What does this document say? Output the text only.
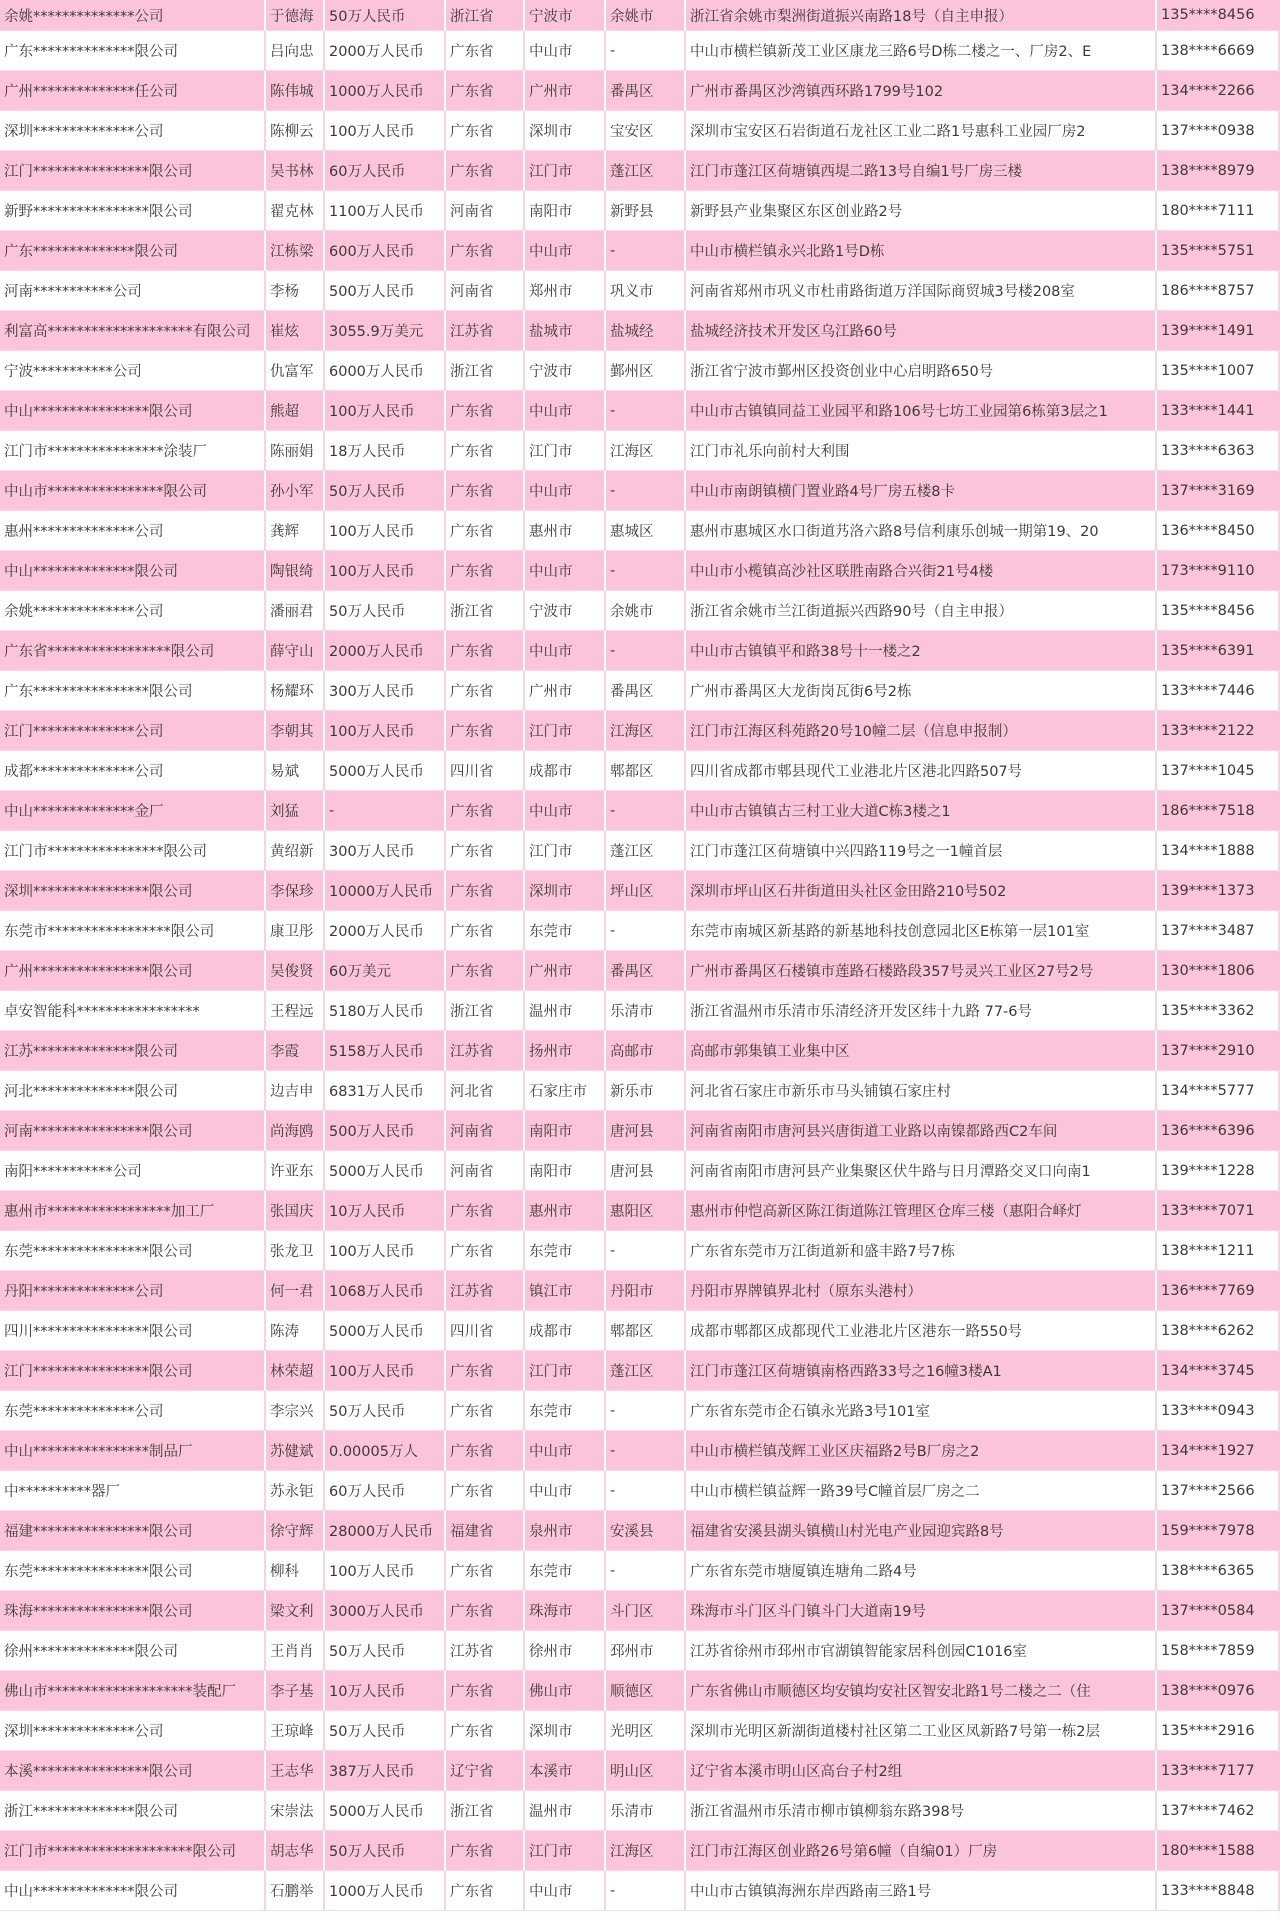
余姚**************公司	于德海	50万人民币	浙江省	宁波市	余姚市	浙江省余姚市梨洲街道振兴南路18号（自主申报）	135****8456
广东**************限公司	吕向忠	2000万人民币	广东省	中山市	-	中山市横栏镇新茂工业区康龙三路6号D栋二楼之一、厂房2、E	138****6669
广州**************任公司	陈伟城	1000万人民币	广东省	广州市	番禺区	广州市番禺区沙湾镇西环路1799号102	134****2266
深圳**************公司	陈柳云	100万人民币	广东省	深圳市	宝安区	深圳市宝安区石岩街道石龙社区工业二路1号惠科工业园厂房2	137****0938
江门****************限公司	吴书林	60万人民币	广东省	江门市	蓬江区	江门市蓬江区荷塘镇西堤二路13号自编1号厂房三楼	138****8979
新野****************限公司	翟克林	1100万人民币	河南省	南阳市	新野县	新野县产业集聚区东区创业路2号	180****7111
广东**************限公司	江栋梁	600万人民币	广东省	中山市	-	中山市横栏镇永兴北路1号D栋	135****5751
河南***********公司	李杨	500万人民币	河南省	郑州市	巩义市	河南省郑州市巩义市杜甫路街道万洋国际商贸城3号楼208室	186****8757
利富高********************有限公司	崔炫	3055.9万美元	江苏省	盐城市	盐城经	盐城经济技术开发区乌江路60号	139****1491
宁波***********公司	仇富军	6000万人民币	浙江省	宁波市	鄞州区	浙江省宁波市鄞州区投资创业中心启明路650号	135****1007
中山****************限公司	熊超	100万人民币	广东省	中山市	-	中山市古镇镇同益工业园平和路106号七坊工业园第6栋第3层之1	133****1441
江门市****************涂装厂	陈丽娟	18万人民币	广东省	江门市	江海区	江门市礼乐向前村大利围	133****6363
中山市****************限公司	孙小军	50万人民币	广东省	中山市	-	中山市南朗镇横门置业路4号厂房五楼8卡	137****3169
惠州**************公司	龚辉	100万人民币	广东省	惠州市	惠城区	惠州市惠城区水口街道艿洛六路8号信利康乐创城一期第19、20	136****8450
中山**************限公司	陶银绮	100万人民币	广东省	中山市	-	中山市小榄镇高沙社区联胜南路合兴街21号4楼	173****9110
余姚**************公司	潘丽君	50万人民币	浙江省	宁波市	余姚市	浙江省余姚市兰江街道振兴西路90号（自主申报）	135****8456
广东省*****************限公司	薛守山	2000万人民币	广东省	中山市	-	中山市古镇镇平和路38号十一楼之2	135****6391
广东****************限公司	杨耀环	300万人民币	广东省	广州市	番禺区	广州市番禺区大龙街岗瓦街6号2栋	133****7446
江门**************公司	李朝其	100万人民币	广东省	江门市	江海区	江门市江海区科苑路20号10幢二层（信息申报制）	133****2122
成都**************公司	易斌	5000万人民币	四川省	成都市	郫都区	四川省成都市郫县现代工业港北片区港北四路507号	137****1045
中山**************金厂	刘猛	-	广东省	中山市	-	中山市古镇镇古三村工业大道C栋3楼之1	186****7518
江门市****************限公司	黄绍新	300万人民币	广东省	江门市	蓬江区	江门市蓬江区荷塘镇中兴四路119号之一1幢首层	134****1888
深圳****************限公司	李保珍	10000万人民币	广东省	深圳市	坪山区	深圳市坪山区石井街道田头社区金田路210号502	139****1373
东莞市*****************限公司	康卫彤	2000万人民币	广东省	东莞市	-	东莞市南城区新基路的新基地科技创意园北区E栋第一层101室	137****3487
广州****************限公司	吴俊贤	60万美元	广东省	广州市	番禺区	广州市番禺区石楼镇市莲路石楼路段357号灵兴工业区27号2号	130****1806
卓安智能科*****************	王程远	5180万人民币	浙江省	温州市	乐清市	浙江省温州市乐清市乐清经济开发区纬十九路 77-6号	135****3362
江苏**************限公司	李霞	5158万人民币	江苏省	扬州市	高邮市	高邮市郭集镇工业集中区	137****2910
河北**************限公司	边吉申	6831万人民币	河北省	石家庄市	新乐市	河北省石家庄市新乐市马头铺镇石家庄村	134****5777
河南****************限公司	尚海鸥	500万人民币	河南省	南阳市	唐河县	河南省南阳市唐河县兴唐街道工业路以南镍都路西C2车间	136****6396
南阳***********公司	许亚东	5000万人民币	河南省	南阳市	唐河县	河南省南阳市唐河县产业集聚区伏牛路与日月潭路交叉口向南1	139****1228
惠州市*****************加工厂	张国庆	10万人民币	广东省	惠州市	惠阳区	惠州市仲恺高新区陈江街道陈江管理区仓库三楼（惠阳合峄灯	133****7071
东莞****************限公司	张龙卫	100万人民币	广东省	东莞市	-	广东省东莞市万江街道新和盛丰路7号7栋	138****1211
丹阳**************公司	何一君	1068万人民币	江苏省	镇江市	丹阳市	丹阳市界牌镇界北村（原东头港村）	136****7769
四川****************限公司	陈涛	5000万人民币	四川省	成都市	郫都区	成都市郫都区成都现代工业港北片区港东一路550号	138****6262
江门****************限公司	林荣超	100万人民币	广东省	江门市	蓬江区	江门市蓬江区荷塘镇南格西路33号之16幢3楼A1	134****3745
东莞**************公司	李宗兴	50万人民币	广东省	东莞市	-	广东省东莞市企石镇永光路3号101室	133****0943
中山****************制品厂	苏健斌	0.00005万人	广东省	中山市	-	中山市横栏镇茂辉工业区庆福路2号B厂房之2	134****1927
中**********器厂	苏永钜	60万人民币	广东省	中山市	-	中山市横栏镇益辉一路39号C幢首层厂房之二	137****2566
福建****************限公司	徐守辉	28000万人民币	福建省	泉州市	安溪县	福建省安溪县湖头镇横山村光电产业园迎宾路8号	159****7978
东莞****************限公司	柳科	100万人民币	广东省	东莞市	-	广东省东莞市塘厦镇连塘角二路4号	138****6365
珠海****************限公司	梁文利	3000万人民币	广东省	珠海市	斗门区	珠海市斗门区斗门镇斗门大道南19号	137****0584
徐州**************限公司	王肖肖	50万人民币	江苏省	徐州市	邳州市	江苏省徐州市邳州市官湖镇智能家居科创园C1016室	158****7859
佛山市********************装配厂	李子基	10万人民币	广东省	佛山市	顺德区	广东省佛山市顺德区均安镇均安社区智安北路1号二楼之二（住	138****0976
深圳**************公司	王琼峰	50万人民币	广东省	深圳市	光明区	深圳市光明区新湖街道楼村社区第二工业区凤新路7号第一栋2层	135****2916
本溪****************限公司	王志华	387万人民币	辽宁省	本溪市	明山区	辽宁省本溪市明山区高台子村2组	133****7177
浙江**************限公司	宋崇法	5000万人民币	浙江省	温州市	乐清市	浙江省温州市乐清市柳市镇柳翁东路398号	137****7462
江门市********************限公司	胡志华	50万人民币	广东省	江门市	江海区	江门市江海区创业路26号第6幢（自编01）厂房	180****1588
中山**************限公司	石鹏举	1000万人民币	广东省	中山市	-	中山市古镇镇海洲东岸西路南三路1号	133****8848
